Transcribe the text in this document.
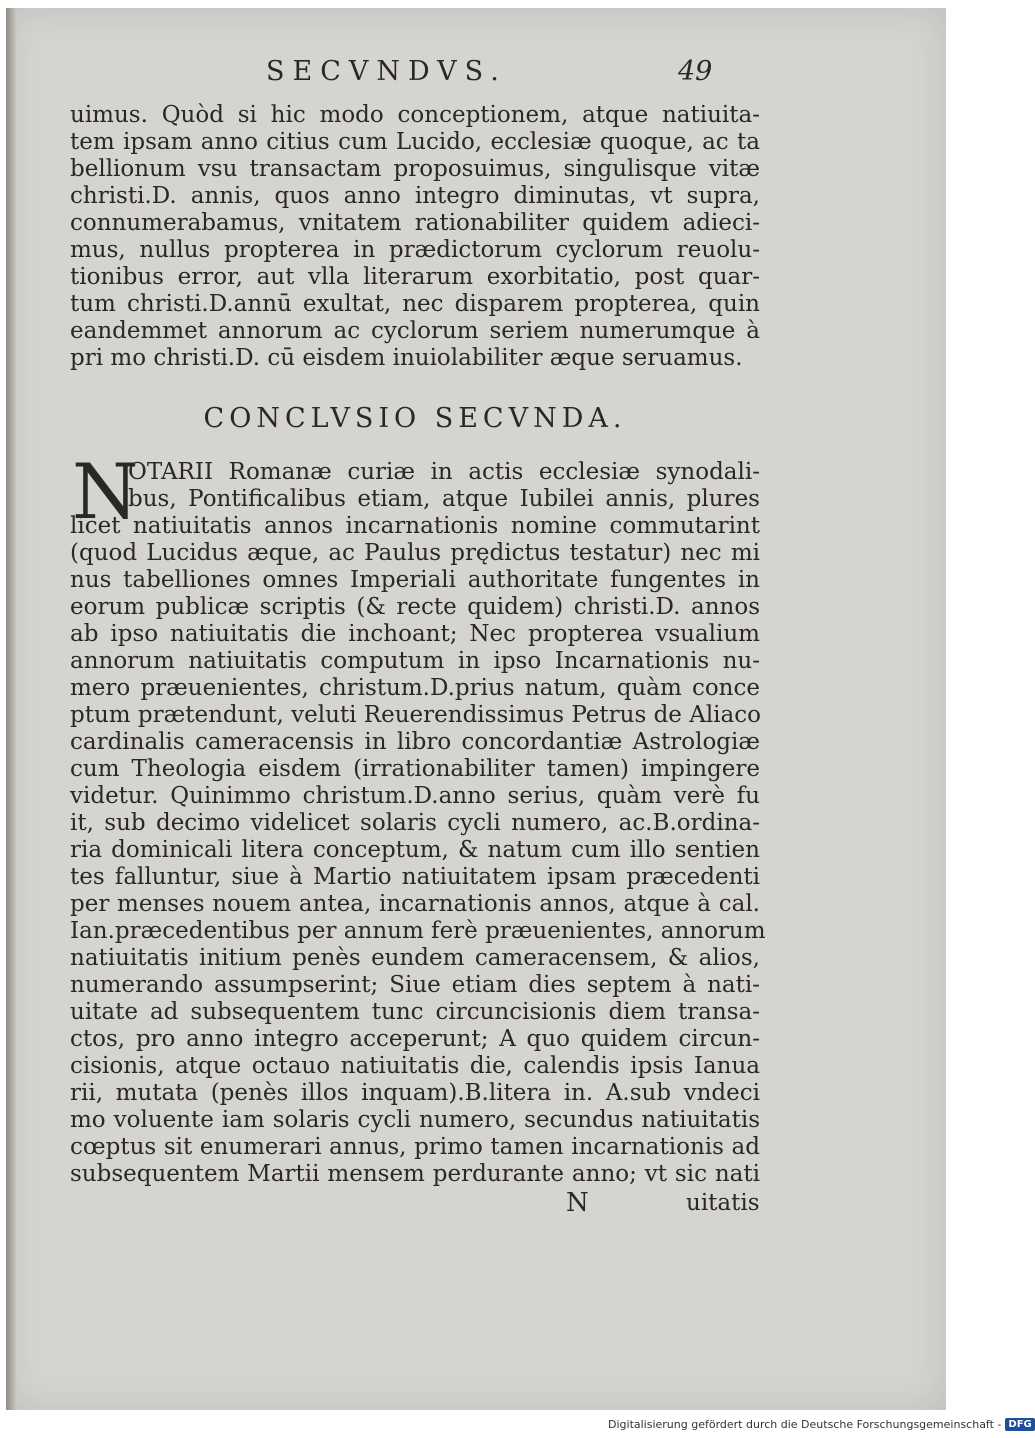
SECVNDVS.	49
uimus. Quòd si hic modo conceptionem, atque natiuita-
tem ipsam anno citius cum Lucido, ecclesiæ quoque, ac ta
bellionum vsu transactam proposuimus, singulisque vitæ
christi.D. annis, quos anno integro diminutas, vt supra,
connumerabamus, vnitatem rationabiliter quidem adieci-
mus, nullus propterea in prædictorum cyclorum reuolu-
tionibus error, aut vlla literarum exorbitatio, post quar-
tum christi.D.annū exultat, nec disparem propterea, quin
eandemmet annorum ac cyclorum seriem numerumque à
pri mo christi.D. cū eisdem inuiolabiliter æque seruamus.
CONCLVSIO SECVNDA.
N
OTARII Romanæ curiæ in actis ecclesiæ synodali-
bus, Pontificalibus etiam, atque Iubilei annis, plures
licet natiuitatis annos incarnationis nomine commutarint
(quod Lucidus æque, ac Paulus prędictus testatur) nec mi
nus tabelliones omnes Imperiali authoritate fungentes in
eorum publicæ scriptis (& recte quidem) christi.D. annos
ab ipso natiuitatis die inchoant; Nec propterea vsualium
annorum natiuitatis computum in ipso Incarnationis nu-
mero præuenientes, christum.D.prius natum, quàm conce
ptum prætendunt, veluti Reuerendissimus Petrus de Aliaco
cardinalis cameracensis in libro concordantiæ Astrologiæ
cum Theologia eisdem (irrationabiliter tamen) impingere
videtur. Quinimmo christum.D.anno serius, quàm verè fu
it, sub decimo videlicet solaris cycli numero, ac.B.ordina-
ria dominicali litera conceptum, & natum cum illo sentien
tes falluntur, siue à Martio natiuitatem ipsam præcedenti
per menses nouem antea, incarnationis annos, atque à cal.
Ian.præcedentibus per annum ferè præuenientes, annorum
natiuitatis initium penès eundem cameracensem, & alios,
numerando assumpserint; Siue etiam dies septem à nati-
uitate ad subsequentem tunc circuncisionis diem transa-
ctos, pro anno integro acceperunt; A quo quidem circun-
cisionis, atque octauo natiuitatis die, calendis ipsis Ianua
rii, mutata (penès illos inquam).B.litera in. A.sub vndeci
mo voluente iam solaris cycli numero, secundus natiuitatis
cœptus sit enumerari annus, primo tamen incarnationis ad
subsequentem Martii mensem perdurante anno; vt sic nati
N	uitatis
Digitalisierung gefördert durch die Deutsche Forschungsgemeinschaft - DFG
